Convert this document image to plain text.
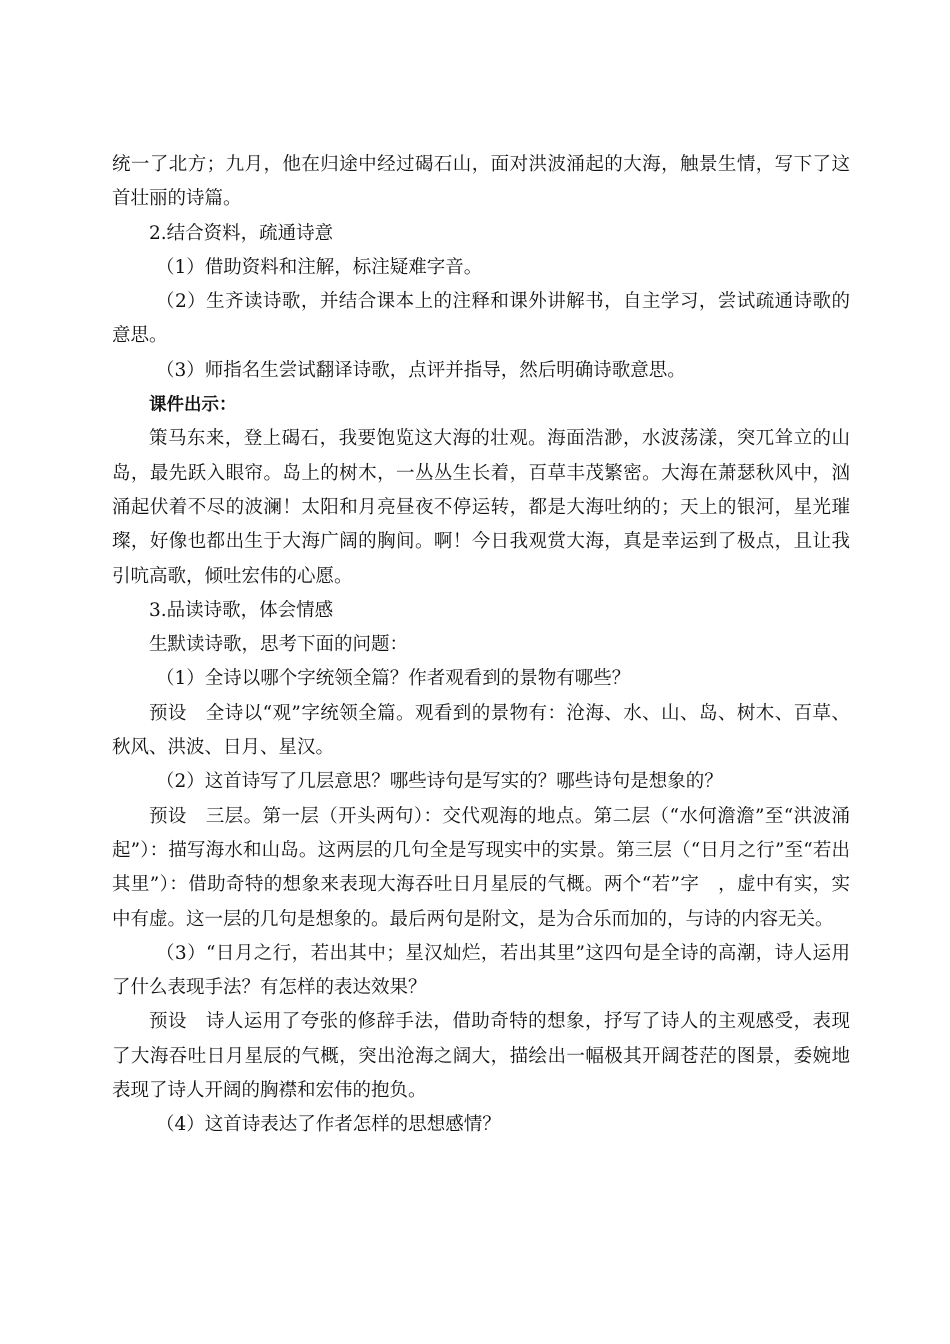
统一了北方；九月，他在归途中经过碣石山，面对洪波涌起的大海，触景生情，写下了这首壮丽的诗篇。

2.结合资料，疏通诗意

（1）借助资料和注解，标注疑难字音。

（2）生齐读诗歌，并结合课本上的注释和课外讲解书，自主学习，尝试疏通诗歌的意思。

（3）师指名生尝试翻译诗歌，点评并指导，然后明确诗歌意思。

课件出示：

策马东来，登上碣石，我要饱览这大海的壮观。海面浩渺，水波荡漾，突兀耸立的山岛，最先跃入眼帘。岛上的树木，一丛丛生长着，百草丰茂繁密。大海在萧瑟秋风中，汹涌起伏着不尽的波澜！太阳和月亮昼夜不停运转，都是大海吐纳的；天上的银河，星光璀璨，好像也都出生于大海广阔的胸间。啊！今日我观赏大海，真是幸运到了极点，且让我引吭高歌，倾吐宏伟的心愿。

3.品读诗歌，体会情感

生默读诗歌，思考下面的问题：

（1）全诗以哪个字统领全篇？作者观看到的景物有哪些？

预设　全诗以“观”字统领全篇。观看到的景物有：沧海、水、山、岛、树木、百草、秋风、洪波、日月、星汉。

（2）这首诗写了几层意思？哪些诗句是写实的？哪些诗句是想象的？

预设　三层。第一层（开头两句）：交代观海的地点。第二层（“水何澹澹”至“洪波涌起”）：描写海水和山岛。这两层的几句全是写现实中的实景。第三层（“日月之行”至“若出其里”）：借助奇特的想象来表现大海吞吐日月星辰的气概。两个“若”字　，虚中有实，实中有虚。这一层的几句是想象的。最后两句是附文，是为合乐而加的，与诗的内容无关。

（3）“日月之行，若出其中；星汉灿烂，若出其里”这四句是全诗的高潮，诗人运用了什么表现手法？有怎样的表达效果？

预设　诗人运用了夸张的修辞手法，借助奇特的想象，抒写了诗人的主观感受，表现了大海吞吐日月星辰的气概，突出沧海之阔大，描绘出一幅极其开阔苍茫的图景，委婉地表现了诗人开阔的胸襟和宏伟的抱负。

（4）这首诗表达了作者怎样的思想感情？
